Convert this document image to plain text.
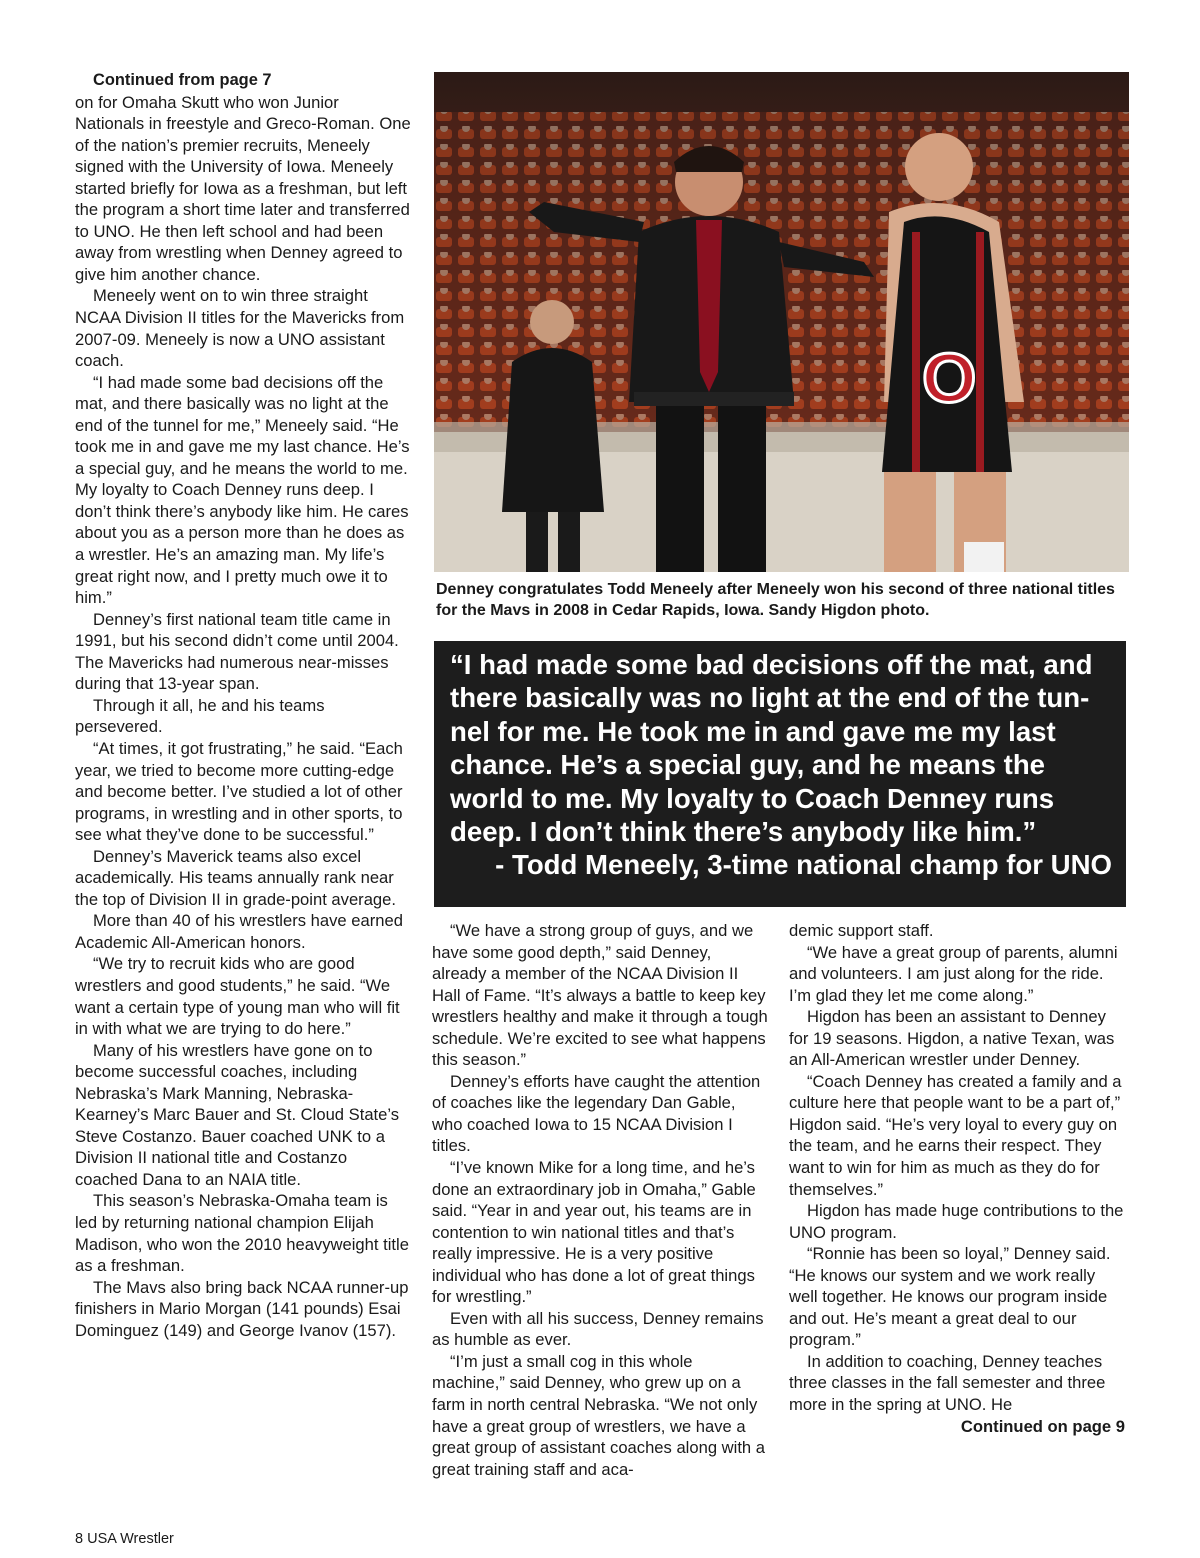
Continued from page 7

on for Omaha Skutt who won Junior Nationals in freestyle and Greco-Roman. One of the nation’s premier recruits, Meneely signed with the University of Iowa. Meneely started briefly for Iowa as a freshman, but left the program a short time later and transferred to UNO. He then left school and had been away from wrestling when Denney agreed to give him another chance.

Meneely went on to win three straight NCAA Division II titles for the Mavericks from 2007-09. Meneely is now a UNO assistant coach.

“I had made some bad decisions off the mat, and there basically was no light at the end of the tunnel for me,” Meneely said. “He took me in and gave me my last chance. He’s a special guy, and he means the world to me. My loyalty to Coach Denney runs deep. I don’t think there’s anybody like him. He cares about you as a person more than he does as a wrestler. He’s an amazing man. My life’s great right now, and I pretty much owe it to him.”

Denney’s first national team title came in 1991, but his second didn’t come until 2004. The Mavericks had numerous near-misses during that 13-year span.

Through it all, he and his teams persevered.

“At times, it got frustrating,” he said. “Each year, we tried to become more cutting-edge and become better. I’ve studied a lot of other programs, in wrestling and in other sports, to see what they’ve done to be successful.”

Denney’s Maverick teams also excel academically. His teams annually rank near the top of Division II in grade-point average.

More than 40 of his wrestlers have earned Academic All-American honors.

“We try to recruit kids who are good wrestlers and good students,” he said. “We want a certain type of young man who will fit in with what we are trying to do here.”

Many of his wrestlers have gone on to become successful coaches, including Nebraska’s Mark Manning, Nebraska-Kearney’s Marc Bauer and St. Cloud State’s Steve Costanzo. Bauer coached UNK to a Division II national title and Costanzo coached Dana to an NAIA title.

This season’s Nebraska-Omaha team is led by returning national champion Elijah Madison, who won the 2010 heavyweight title as a freshman.

The Mavs also bring back NCAA runner-up finishers in Mario Morgan (141 pounds) Esai Dominguez (149) and George Ivanov (157).

O
Denney congratulates Todd Meneely after Meneely won his second of three national titles for the Mavs in 2008 in Cedar Rapids, Iowa. Sandy Higdon photo.
“I had made some bad decisions off the mat, and
there basically was no light at the end of the tun-
nel for me. He took me in and gave me my last
chance. He’s a special guy, and he means the
world to me. My loyalty to Coach Denney runs
deep. I don’t think there’s anybody like him.”
- Todd Meneely, 3-time national champ for UNO

“We have a strong group of guys, and we have some good depth,” said Denney, already a member of the NCAA Division II Hall of Fame. “It’s always a battle to keep key wrestlers healthy and make it through a tough schedule. We’re excited to see what happens this season.”

Denney’s efforts have caught the attention of coaches like the legendary Dan Gable, who coached Iowa to 15 NCAA Division I titles.

“I’ve known Mike for a long time, and he’s done an extraordinary job in Omaha,” Gable said. “Year in and year out, his teams are in contention to win national titles and that’s really impressive. He is a very positive individual who has done a lot of great things for wrestling.”

Even with all his success, Denney remains as humble as ever.

“I’m just a small cog in this whole machine,” said Denney, who grew up on a farm in north central Nebraska. “We not only have a great group of wrestlers, we have a great group of assistant coaches along with a great training staff and aca-

demic support staff.

“We have a great group of parents, alumni and volunteers. I am just along for the ride. I’m glad they let me come along.”

Higdon has been an assistant to Denney for 19 seasons. Higdon, a native Texan, was an All-American wrestler under Denney.

“Coach Denney has created a family and a culture here that people want to be a part of,” Higdon said. “He’s very loyal to every guy on the team, and he earns their respect. They want to win for him as much as they do for themselves.”

Higdon has made huge contributions to the UNO program.

“Ronnie has been so loyal,” Denney said. “He knows our system and we work really well together. He knows our program inside and out. He’s meant a great deal to our program.”

In addition to coaching, Denney teaches three classes in the fall semester and three more in the spring at UNO. He

Continued on page 9

8 USA Wrestler
